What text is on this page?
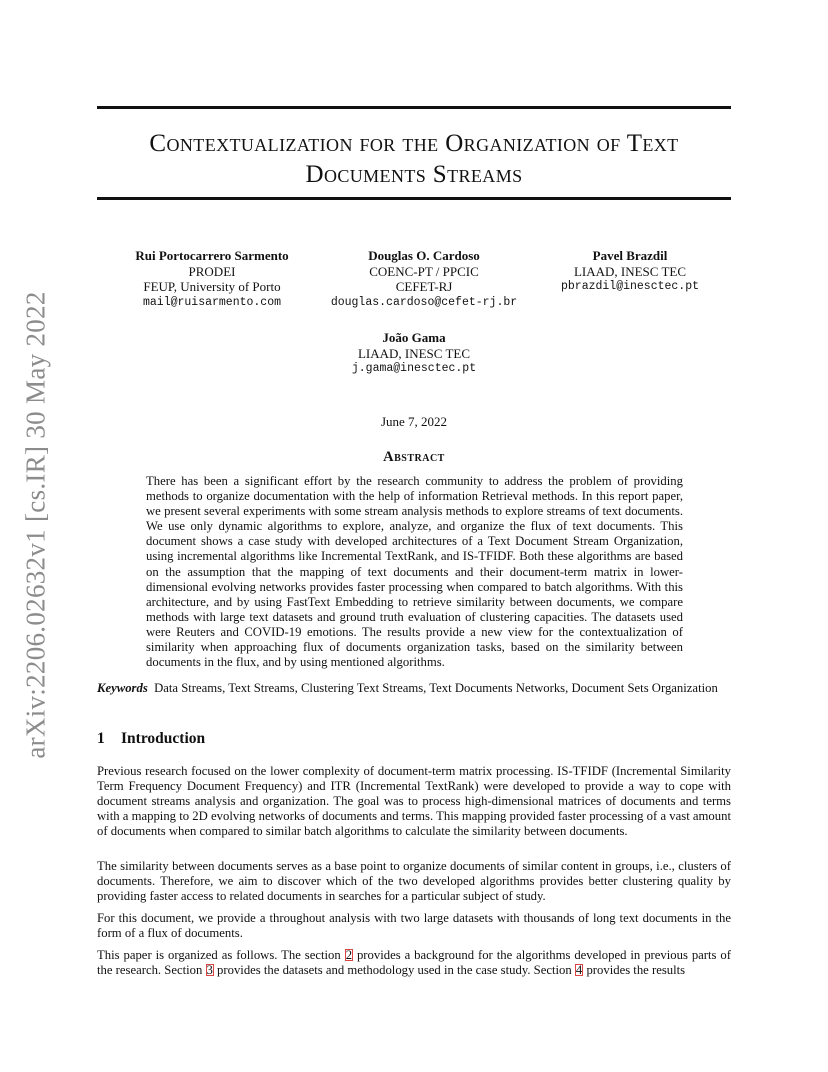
arXiv:2206.02632v1 [cs.IR] 30 May 2022
Contextualization for the Organization of Text
Documents Streams
Rui Portocarrero Sarmento
PRODEI
FEUP, University of Porto
mail@ruisarmento.com
Douglas O. Cardoso
COENC-PT / PPCIC
CEFET-RJ
douglas.cardoso@cefet-rj.br
Pavel Brazdil
LIAAD, INESC TEC
pbrazdil@inesctec.pt
João Gama
LIAAD, INESC TEC
j.gama@inesctec.pt
June 7, 2022
Abstract

There has been a significant effort by the research community to address the problem of providing methods to organize documentation with the help of information Retrieval methods. In this report paper, we present several experiments with some stream analysis methods to explore streams of text documents. We use only dynamic algorithms to explore, analyze, and organize the flux of text documents. This document shows a case study with developed architectures of a Text Document Stream Organization, using incremental algorithms like Incremental TextRank, and IS-TFIDF. Both these algorithms are based on the assumption that the mapping of text documents and their document-term matrix in lower-dimensional evolving networks provides faster processing when compared to batch algorithms. With this architecture, and by using FastText Embedding to retrieve similarity between documents, we compare methods with large text datasets and ground truth evaluation of clustering capacities. The datasets used were Reuters and COVID-19 emotions. The results provide a new view for the contextualization of similarity when approaching flux of documents organization tasks, based on the similarity between documents in the flux, and by using mentioned algorithms.

Keywords Data Streams, Text Streams, Clustering Text Streams, Text Documents Networks, Document Sets Organization

1 Introduction

Previous research focused on the lower complexity of document-term matrix processing. IS-TFIDF (Incremental Similarity Term Frequency Document Frequency) and ITR (Incremental TextRank) were developed to provide a way to cope with document streams analysis and organization. The goal was to process high-dimensional matrices of documents and terms with a mapping to 2D evolving networks of documents and terms. This mapping provided faster processing of a vast amount of documents when compared to similar batch algorithms to calculate the similarity between documents.

The similarity between documents serves as a base point to organize documents of similar content in groups, i.e., clusters of documents. Therefore, we aim to discover which of the two developed algorithms provides better clustering quality by providing faster access to related documents in searches for a particular subject of study.

For this document, we provide a throughout analysis with two large datasets with thousands of long text documents in the form of a flux of documents.

This paper is organized as follows. The section 2 provides a background for the algorithms developed in previous parts of the research. Section 3 provides the datasets and methodology used in the case study. Section 4 provides the results
